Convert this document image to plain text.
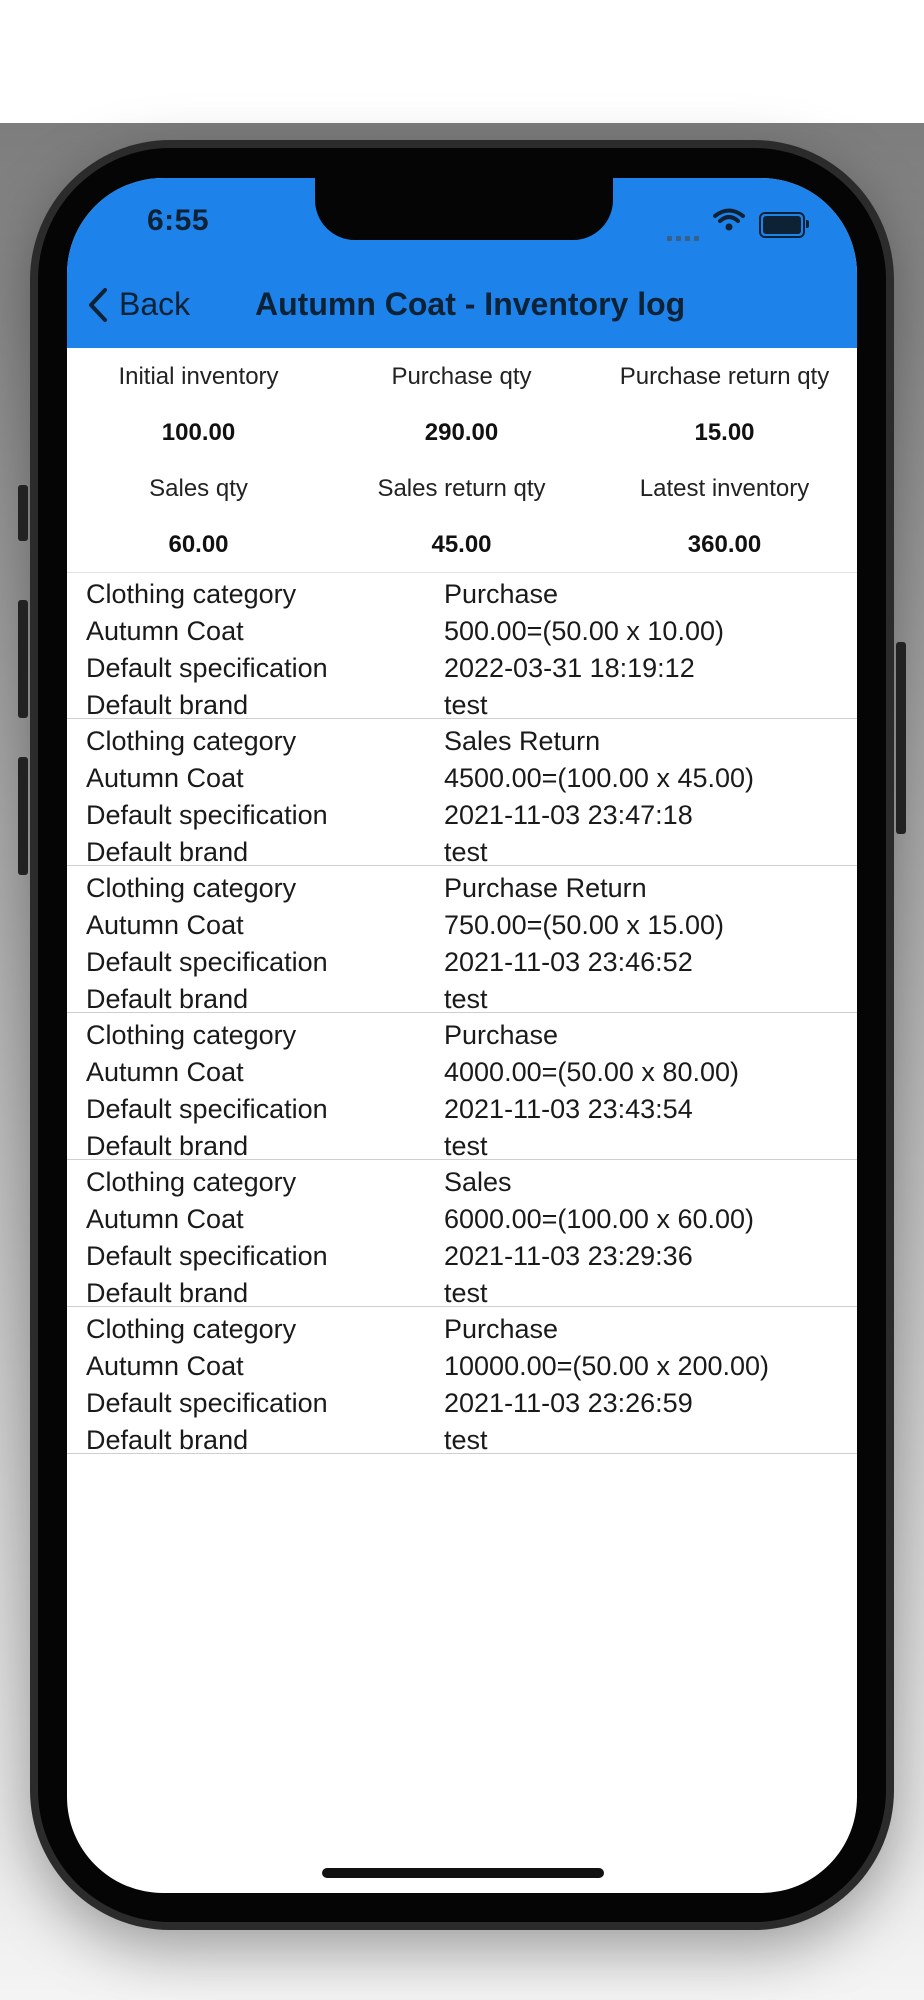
6:55
Back Autumn Coat - Inventory log
Initial inventory
100.00
Purchase qty
290.00
Purchase return qty
15.00
Sales qty
60.00
Sales return qty
45.00
Latest inventory
360.00
Clothing category
Autumn Coat
Default specification
Default brand
Purchase
500.00=(50.00 x 10.00)
2022-03-31 18:19:12
test
Clothing category
Autumn Coat
Default specification
Default brand
Sales Return
4500.00=(100.00 x 45.00)
2021-11-03 23:47:18
test
Clothing category
Autumn Coat
Default specification
Default brand
Purchase Return
750.00=(50.00 x 15.00)
2021-11-03 23:46:52
test
Clothing category
Autumn Coat
Default specification
Default brand
Purchase
4000.00=(50.00 x 80.00)
2021-11-03 23:43:54
test
Clothing category
Autumn Coat
Default specification
Default brand
Sales
6000.00=(100.00 x 60.00)
2021-11-03 23:29:36
test
Clothing category
Autumn Coat
Default specification
Default brand
Purchase
10000.00=(50.00 x 200.00)
2021-11-03 23:26:59
test
